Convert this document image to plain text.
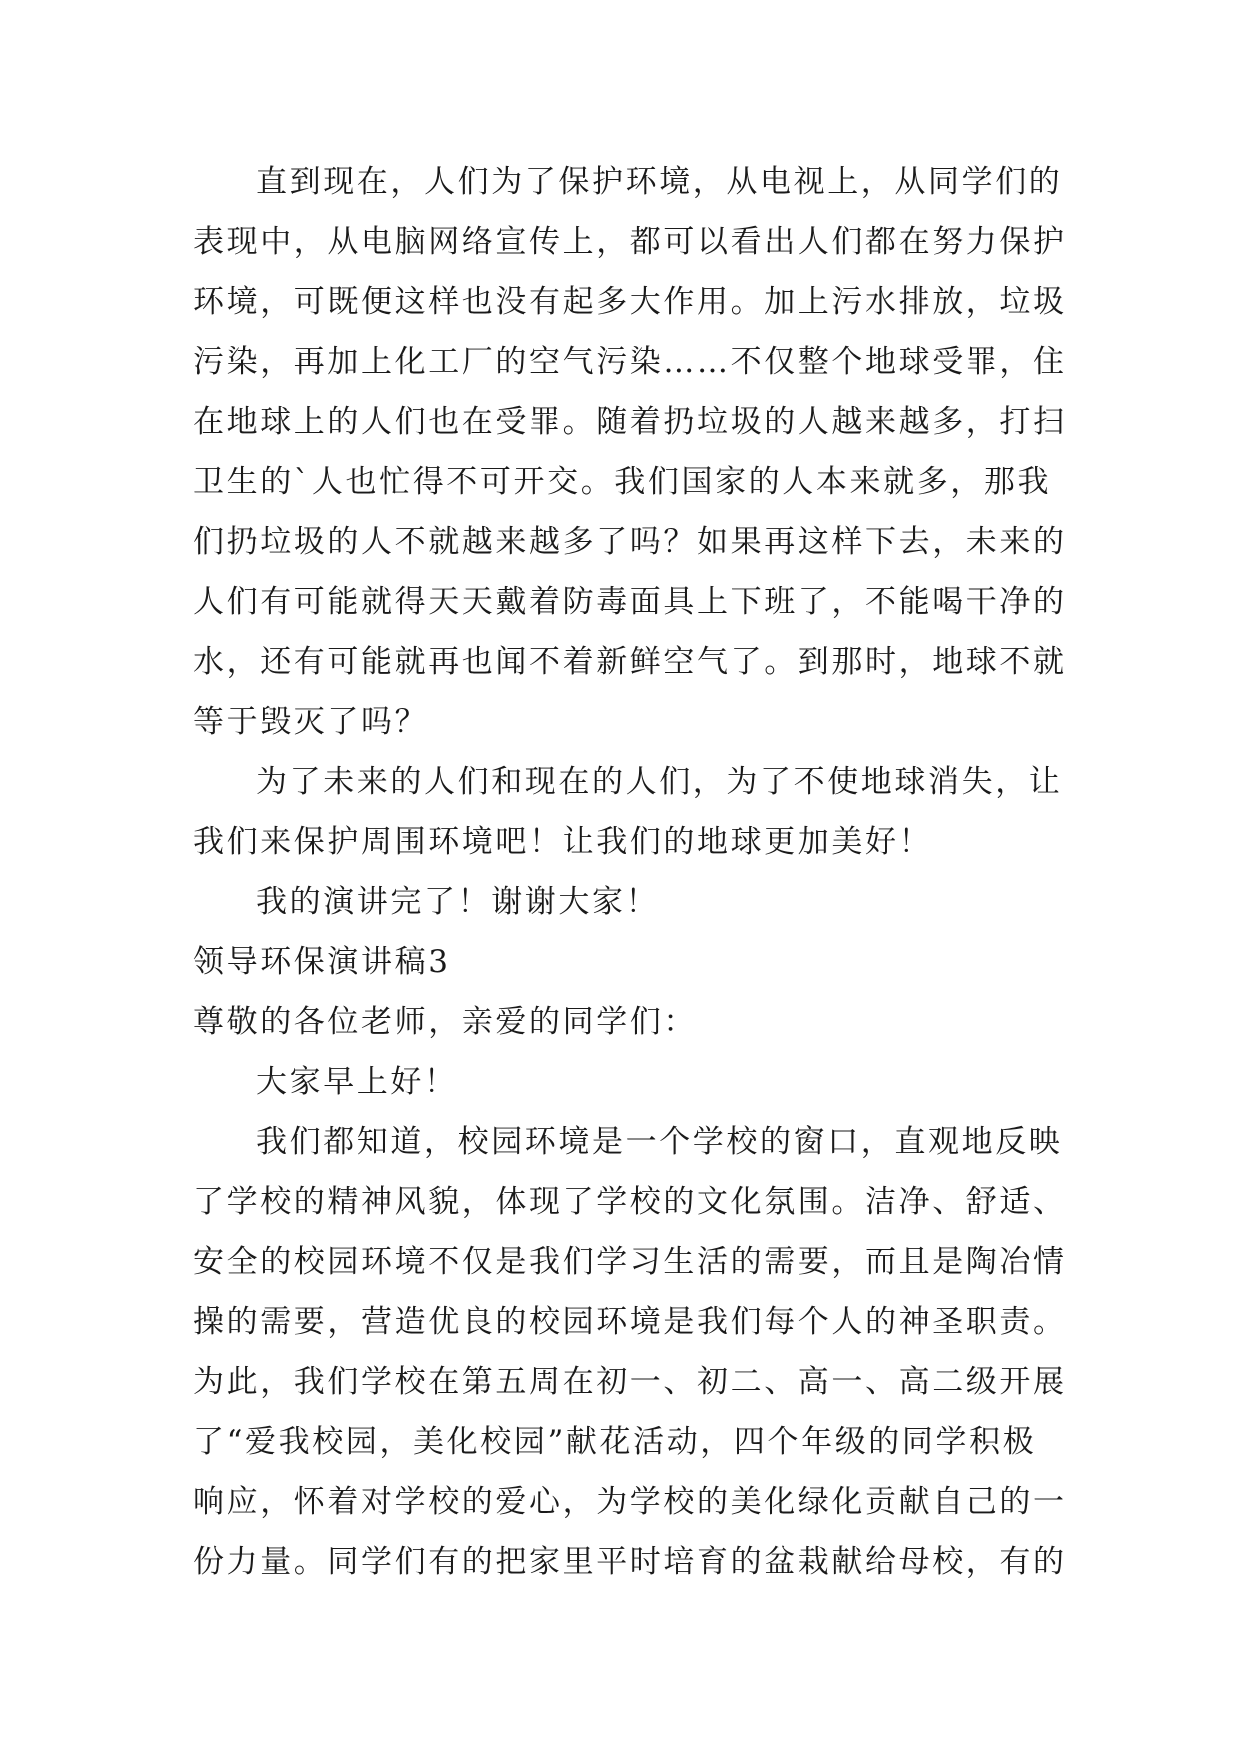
直到现在，人们为了保护环境，从电视上，从同学们的
表现中，从电脑网络宣传上，都可以看出人们都在努力保护
环境，可既便这样也没有起多大作用。加上污水排放，垃圾
污染，再加上化工厂的空气污染……不仅整个地球受罪，住
在地球上的人们也在受罪。随着扔垃圾的人越来越多，打扫
卫生的`人也忙得不可开交。我们国家的人本来就多，那我
们扔垃圾的人不就越来越多了吗？如果再这样下去，未来的
人们有可能就得天天戴着防毒面具上下班了，不能喝干净的
水，还有可能就再也闻不着新鲜空气了。到那时，地球不就
等于毁灭了吗？
为了未来的人们和现在的人们，为了不使地球消失，让
我们来保护周围环境吧！让我们的地球更加美好！
我的演讲完了！谢谢大家！
领导环保演讲稿3
尊敬的各位老师，亲爱的同学们：
大家早上好！
我们都知道，校园环境是一个学校的窗口，直观地反映
了学校的精神风貌，体现了学校的文化氛围。洁净、舒适、
安全的校园环境不仅是我们学习生活的需要，而且是陶冶情
操的需要，营造优良的校园环境是我们每个人的神圣职责。
为此，我们学校在第五周在初一、初二、高一、高二级开展
了“爱我校园，美化校园”献花活动，四个年级的同学积极
响应，怀着对学校的爱心，为学校的美化绿化贡献自己的一
份力量。同学们有的把家里平时培育的盆栽献给母校，有的
